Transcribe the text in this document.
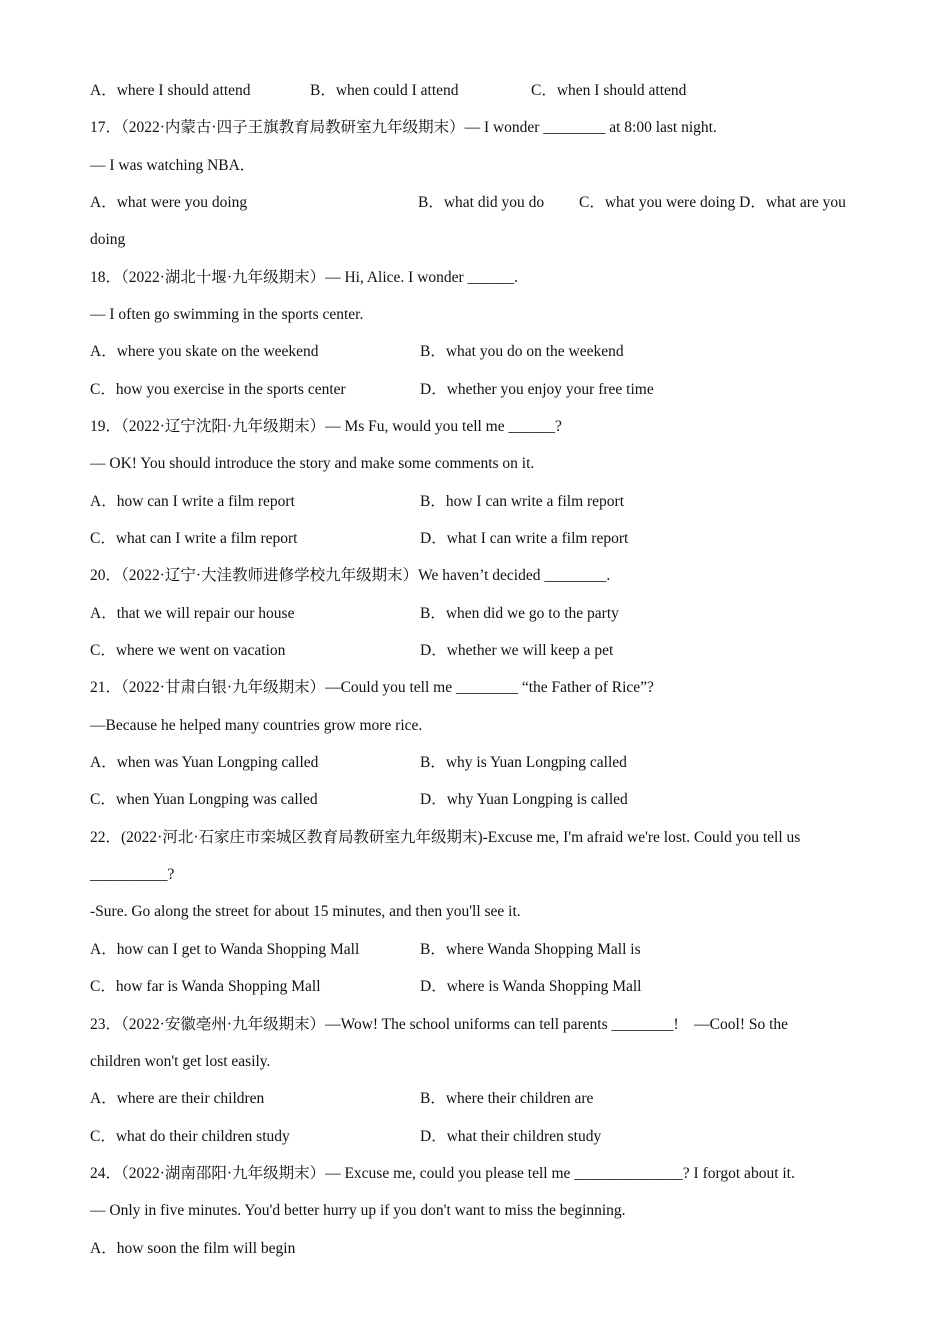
A．where I should attend	B．when could I attend	C．when I should attend
17．（2022·内蒙古·四子王旗教育局教研室九年级期末）— I wonder ________ at 8:00 last night.
— I was watching NBA．
A．what were you doing	B．what did you do C．what you were doing D．what are you
doing
18．（2022·湖北十堰·九年级期末）— Hi, Alice. I wonder ______.
— I often go swimming in the sports center.
A．where you skate on the weekend	B．what you do on the weekend
C．how you exercise in the sports center	D．whether you enjoy your free time
19．（2022·辽宁沈阳·九年级期末）— Ms Fu, would you tell me ______?
— OK! You should introduce the story and make some comments on it.
A．how can I write a film report	B．how I can write a film report
C．what can I write a film report	D．what I can write a film report
20．（2022·辽宁·大洼教师进修学校九年级期末）We haven’t decided ________.
A．that we will repair our house	B．when did we go to the party
C．where we went on vacation	D．whether we will keep a pet
21．（2022·甘肃白银·九年级期末）—Could you tell me ________ “the Father of Rice”?
—Because he helped many countries grow more rice.
A．when was Yuan Longping called	B．why is Yuan Longping called
C．when Yuan Longping was called	D．why Yuan Longping is called
22．(2022·河北·石家庄市栾城区教育局教研室九年级期末)-Excuse me, I'm afraid we're lost. Could you tell us
__________?
-Sure. Go along the street for about 15 minutes, and then you'll see it.
A．how can I get to Wanda Shopping Mall	B．where Wanda Shopping Mall is
C．how far is Wanda Shopping Mall	D．where is Wanda Shopping Mall
23．（2022·安徽亳州·九年级期末）—Wow! The school uniforms can tell parents ________!　—Cool! So the
children won't get lost easily.
A．where are their children	B．where their children are
C．what do their children study	D．what their children study
24．（2022·湖南邵阳·九年级期末）— Excuse me, could you please tell me ______________? I forgot about it.
— Only in five minutes. You'd better hurry up if you don't want to miss the beginning.
A．how soon the film will begin
